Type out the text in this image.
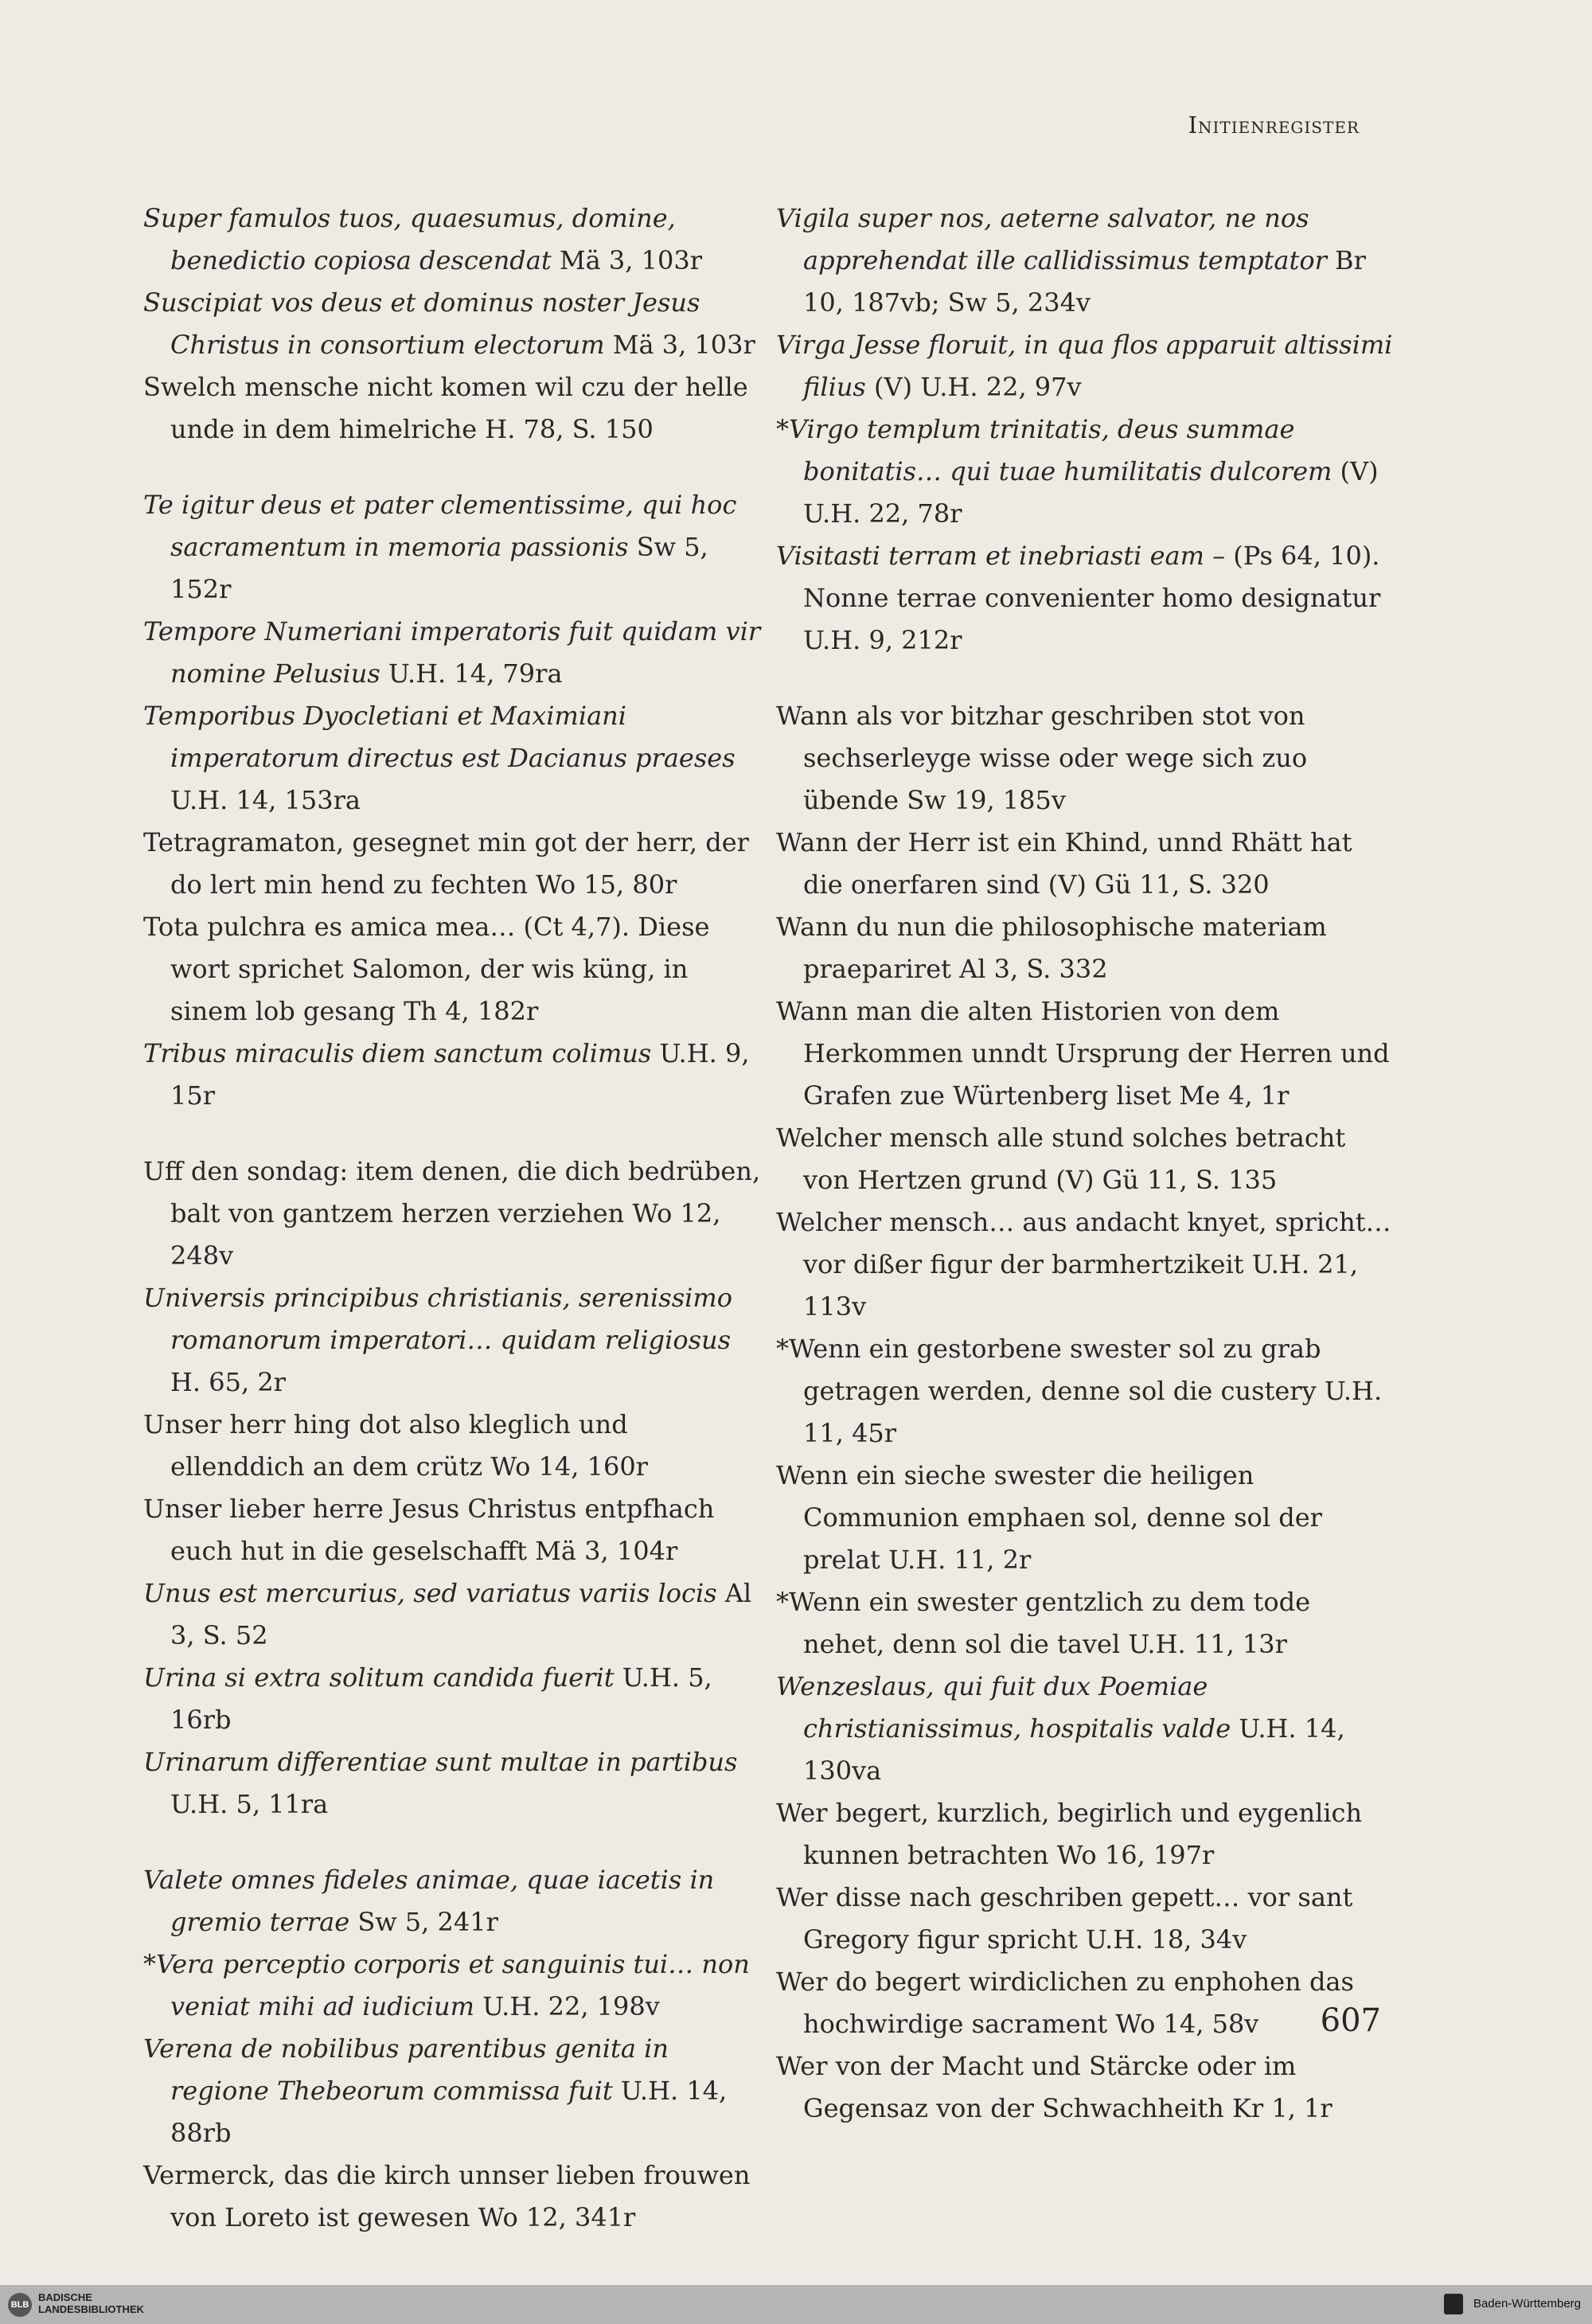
Initienregister
Super famulos tuos, quaesumus, domine, benedictio copiosa descendat Mä 3, 103r
Suscipiat vos deus et dominus noster Jesus Christus in consortium electorum Mä 3, 103r
Swelch mensche nicht komen wil czu der helle unde in dem himelriche H. 78, S. 150
Te igitur deus et pater clementissime, qui hoc sacramentum in memoria passionis Sw 5, 152r
Tempore Numeriani imperatoris fuit quidam vir nomine Pelusius U.H. 14, 79ra
Temporibus Dyocletiani et Maximiani imperatorum directus est Dacianus praeses U.H. 14, 153ra
Tetragramaton, gesegnet min got der herr, der do lert min hend zu fechten Wo 15, 80r
Tota pulchra es amica mea… (Ct 4,7). Diese wort sprichet Salomon, der wis küng, in sinem lob gesang Th 4, 182r
Tribus miraculis diem sanctum colimus U.H. 9, 15r
Uff den sondag: item denen, die dich bedrüben, balt von gantzem herzen verziehen Wo 12, 248v
Universis principibus christianis, serenissimo romanorum imperatori… quidam religiosus H. 65, 2r
Unser herr hing dot also kleglich und ellenddich an dem crütz Wo 14, 160r
Unser lieber herre Jesus Christus entpfhach euch hut in die geselschafft Mä 3, 104r
Unus est mercurius, sed variatus variis locis Al 3, S. 52
Urina si extra solitum candida fuerit U.H. 5, 16rb
Urinarum differentiae sunt multae in partibus U.H. 5, 11ra
Valete omnes fideles animae, quae iacetis in gremio terrae Sw 5, 241r
*Vera perceptio corporis et sanguinis tui… non veniat mihi ad iudicium U.H. 22, 198v
Verena de nobilibus parentibus genita in regione Thebeorum commissa fuit U.H. 14, 88rb
Vermerck, das die kirch unnser lieben frouwen von Loreto ist gewesen Wo 12, 341r
Vigila super nos, aeterne salvator, ne nos apprehendat ille callidissimus temptator Br 10, 187vb; Sw 5, 234v
Virga Jesse floruit, in qua flos apparuit altissimi filius (V) U.H. 22, 97v
*Virgo templum trinitatis, deus summae bonitatis… qui tuae humilitatis dulcorem (V) U.H. 22, 78r
Visitasti terram et inebriasti eam – (Ps 64, 10). Nonne terrae convenienter homo designatur U.H. 9, 212r
Wann als vor bitzhar geschriben stot von sechserleyge wisse oder wege sich zuo übende Sw 19, 185v
Wann der Herr ist ein Khind, unnd Rhätt hat die onerfaren sind (V) Gü 11, S. 320
Wann du nun die philosophische materiam praepariret Al 3, S. 332
Wann man die alten Historien von dem Herkommen unndt Ursprung der Herren und Grafen zue Würtenberg liset Me 4, 1r
Welcher mensch alle stund solches betracht von Hertzen grund (V) Gü 11, S. 135
Welcher mensch… aus andacht knyet, spricht… vor dißer figur der barmhertzikeit U.H. 21, 113v
*Wenn ein gestorbene swester sol zu grab getragen werden, denne sol die custery U.H. 11, 45r
Wenn ein sieche swester die heiligen Communion emphaen sol, denne sol der prelat U.H. 11, 2r
*Wenn ein swester gentzlich zu dem tode nehet, denn sol die tavel U.H. 11, 13r
Wenzeslaus, qui fuit dux Poemiae christianissimus, hospitalis valde U.H. 14, 130va
Wer begert, kurzlich, begirlich und eygenlich kunnen betrachten Wo 16, 197r
Wer disse nach geschriben gepett… vor sant Gregory figur spricht U.H. 18, 34v
Wer do begert wirdiclichen zu enphohen das hochwirdige sacrament Wo 14, 58v
Wer von der Macht und Stärcke oder im Gegensaz von der Schwachheith Kr 1, 1r
607
BLB
BADISCHE
LANDESBIBLIOTHEK	Baden-Württemberg
